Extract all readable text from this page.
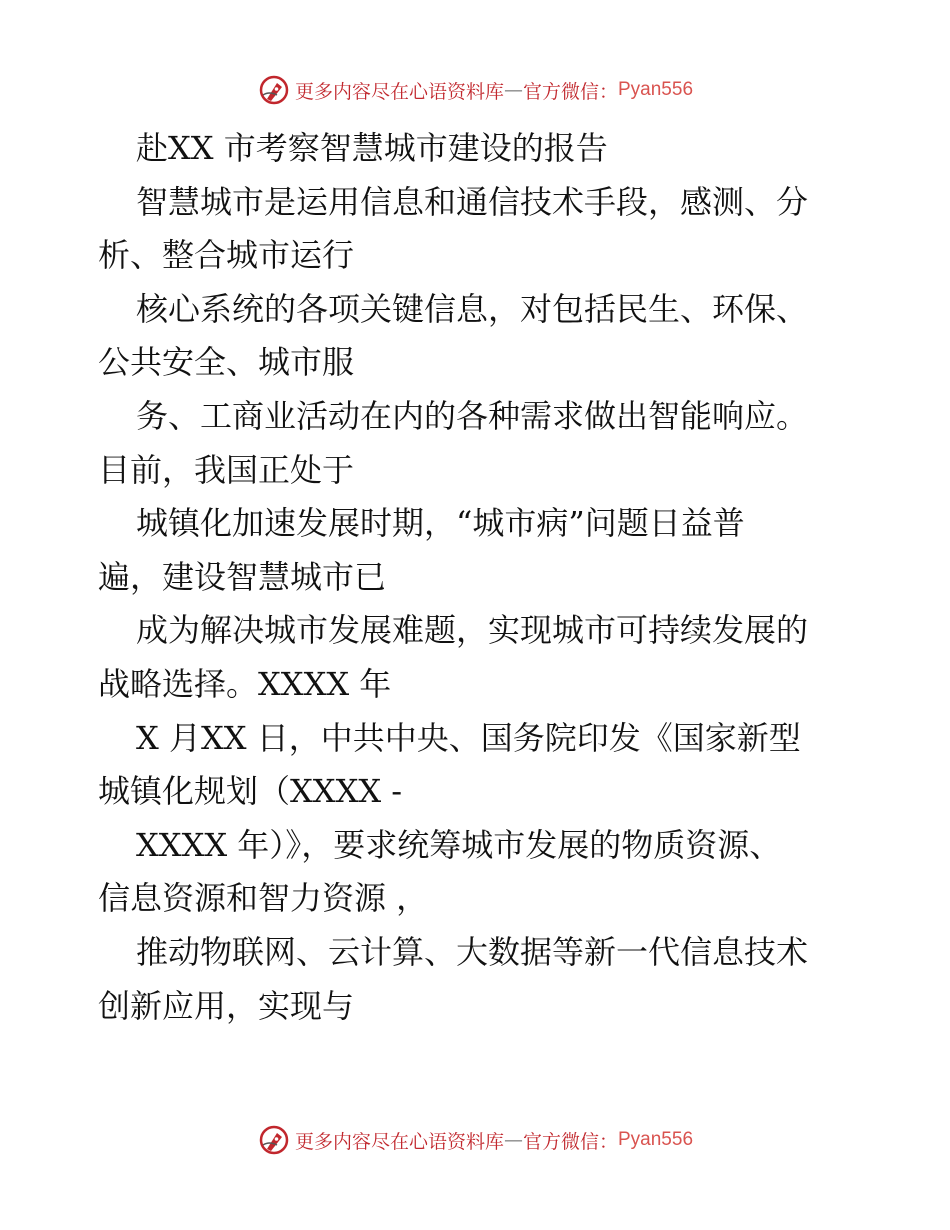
更多内容尽在心语资料库 — 官方微信： Pyan556
赴XX 市考察智慧城市建设的报告
智慧城市是运用信息和通信技术手段，感测、分
析、整合城市运行
核心系统的各项关键信息，对包括民生、环保、
公共安全、城市服
务、工商业活动在内的各种需求做出智能响应。
目前，我国正处于
城镇化加速发展时期，“城市病”问题日益普
遍，建设智慧城市已
成为解决城市发展难题，实现城市可持续发展的
战略选择。XXXX 年
X 月XX 日，中共中央、国务院印发《国家新型
城镇化规划（XXXX -
XXXX 年）》，要求统筹城市发展的物质资源、
信息资源和智力资源 ，
推动物联网、云计算、大数据等新一代信息技术
创新应用，实现与
更多内容尽在心语资料库 — 官方微信： Pyan556
